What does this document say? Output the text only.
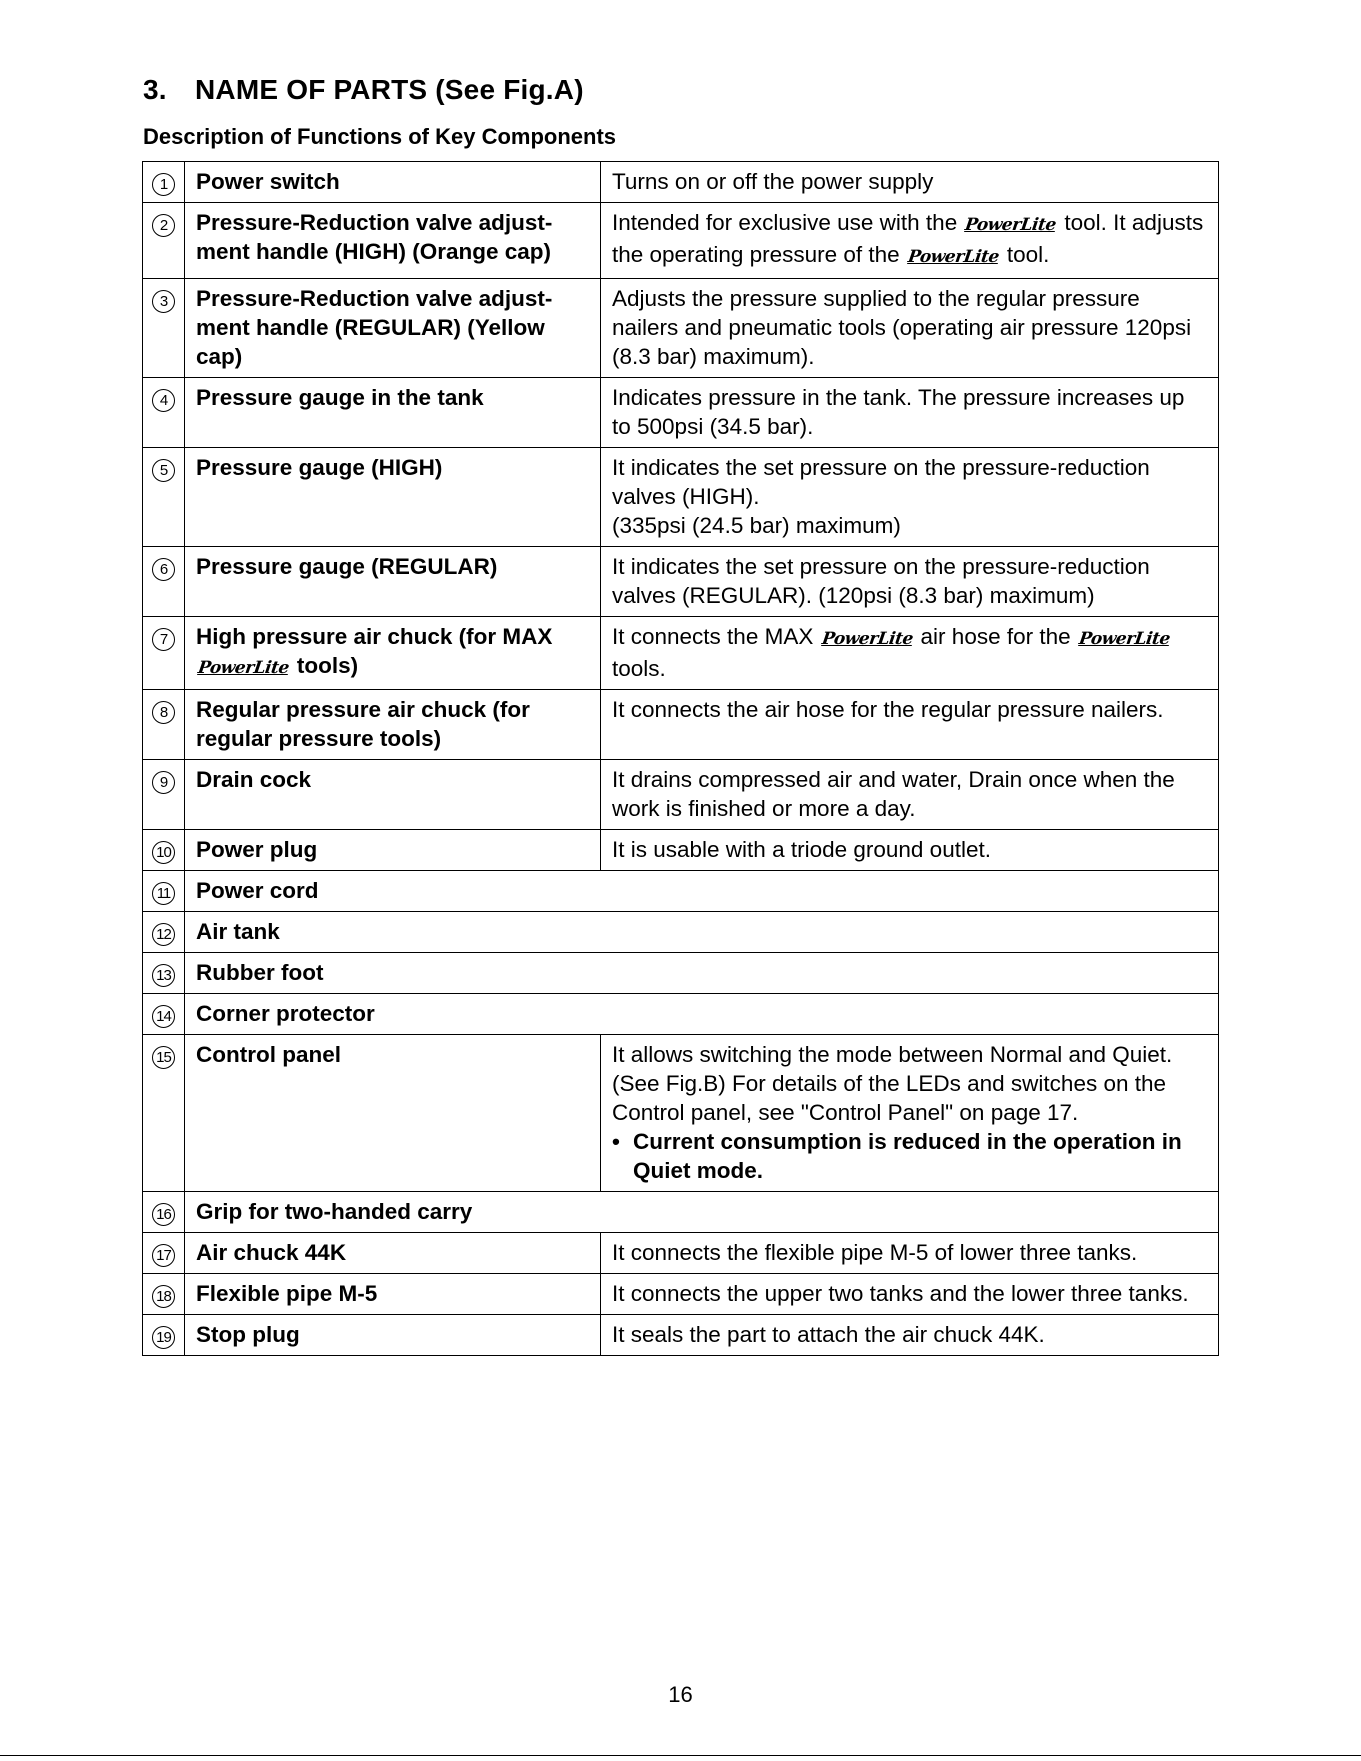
3. NAME OF PARTS (See Fig.A)
Description of Functions of Key Components
1	Power switch	Turns on or off the power supply
2	Pressure-Reduction valve adjust-ment handle (HIGH) (Orange cap)	Intended for exclusive use with the PowerLite tool. It adjusts the operating pressure of the PowerLite tool.
3	Pressure-Reduction valve adjust-ment handle (REGULAR) (Yellow cap)	Adjusts the pressure supplied to the regular pressure nailers and pneumatic tools (operating air pressure 120psi (8.3 bar) maximum).
4	Pressure gauge in the tank	Indicates pressure in the tank. The pressure increases up to 500psi (34.5 bar).
5	Pressure gauge (HIGH)	It indicates the set pressure on the pressure-reduction valves (HIGH).
(335psi (24.5 bar) maximum)

6	Pressure gauge (REGULAR)	It indicates the set pressure on the pressure-reduction valves (REGULAR). (120psi (8.3 bar) maximum)
7	High pressure air chuck (for MAX
PowerLite tools)	It connects the MAX PowerLite air hose for the PowerLite tools.
8	Regular pressure air chuck (for regular pressure tools)	It connects the air hose for the regular pressure nailers.
9	Drain cock	It drains compressed air and water, Drain once when the work is finished or more a day.
10	Power plug	It is usable with a triode ground outlet.
11	Power cord	
12	Air tank	
13	Rubber foot	
14	Corner protector	
15	Control panel	It allows switching the mode between Normal and Quiet. (See Fig.B) For details of the LEDs and switches on the Control panel, see "Control Panel" on page 17.
• Current consumption is reduced in the operation in Quiet mode.

16	Grip for two-handed carry	
17	Air chuck 44K	It connects the flexible pipe M-5 of lower three tanks.
18	Flexible pipe M-5	It connects the upper two tanks and the lower three tanks.
19	Stop plug	It seals the part to attach the air chuck 44K.
16
